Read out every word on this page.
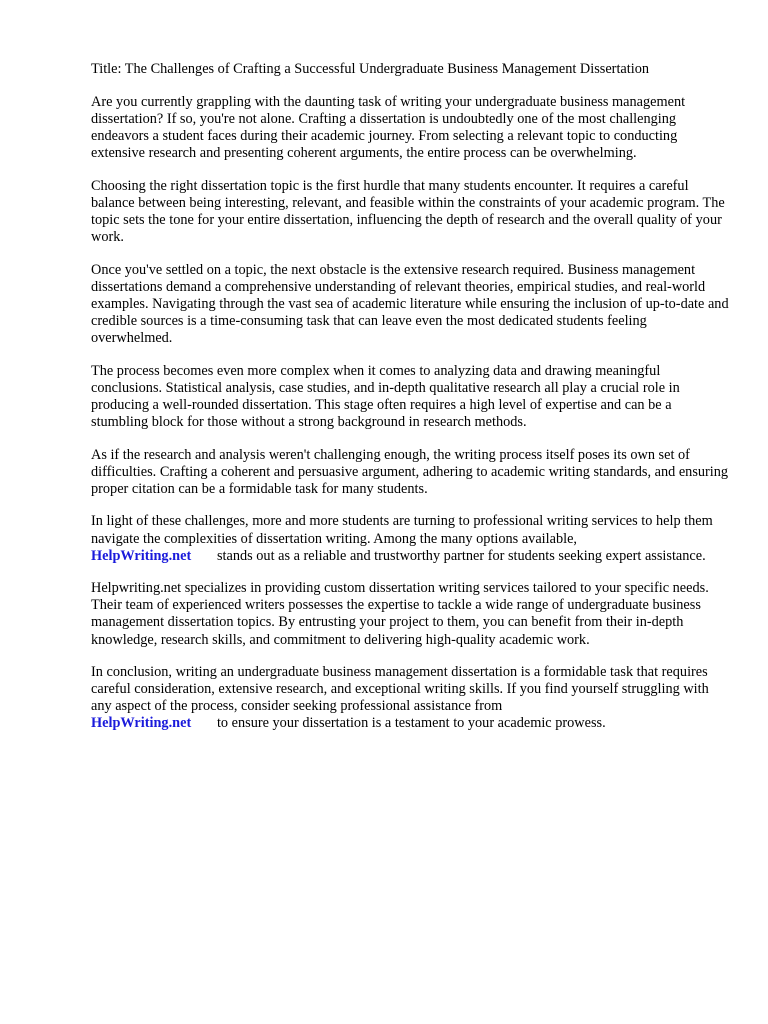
Title: The Challenges of Crafting a Successful Undergraduate Business Management Dissertation

Are you currently grappling with the daunting task of writing your undergraduate business management dissertation? If so, you're not alone. Crafting a dissertation is undoubtedly one of the most challenging endeavors a student faces during their academic journey. From selecting a relevant topic to conducting extensive research and presenting coherent arguments, the entire process can be overwhelming.

Choosing the right dissertation topic is the first hurdle that many students encounter. It requires a careful balance between being interesting, relevant, and feasible within the constraints of your academic program. The topic sets the tone for your entire dissertation, influencing the depth of research and the overall quality of your work.

Once you've settled on a topic, the next obstacle is the extensive research required. Business management dissertations demand a comprehensive understanding of relevant theories, empirical studies, and real-world examples. Navigating through the vast sea of academic literature while ensuring the inclusion of up-to-date and credible sources is a time-consuming task that can leave even the most dedicated students feeling overwhelmed.

The process becomes even more complex when it comes to analyzing data and drawing meaningful conclusions. Statistical analysis, case studies, and in-depth qualitative research all play a crucial role in producing a well-rounded dissertation. This stage often requires a high level of expertise and can be a stumbling block for those without a strong background in research methods.

As if the research and analysis weren't challenging enough, the writing process itself poses its own set of difficulties. Crafting a coherent and persuasive argument, adhering to academic writing standards, and ensuring proper citation can be a formidable task for many students.

In light of these challenges, more and more students are turning to professional writing services to help them navigate the complexities of dissertation writing. Among the many options available,
HelpWriting.net stands out as a reliable and trustworthy partner for students seeking expert assistance.

Helpwriting.net specializes in providing custom dissertation writing services tailored to your specific needs. Their team of experienced writers possesses the expertise to tackle a wide range of undergraduate business management dissertation topics. By entrusting your project to them, you can benefit from their in-depth knowledge, research skills, and commitment to delivering high-quality academic work.

In conclusion, writing an undergraduate business management dissertation is a formidable task that requires careful consideration, extensive research, and exceptional writing skills. If you find yourself struggling with any aspect of the process, consider seeking professional assistance from
HelpWriting.net to ensure your dissertation is a testament to your academic prowess.
